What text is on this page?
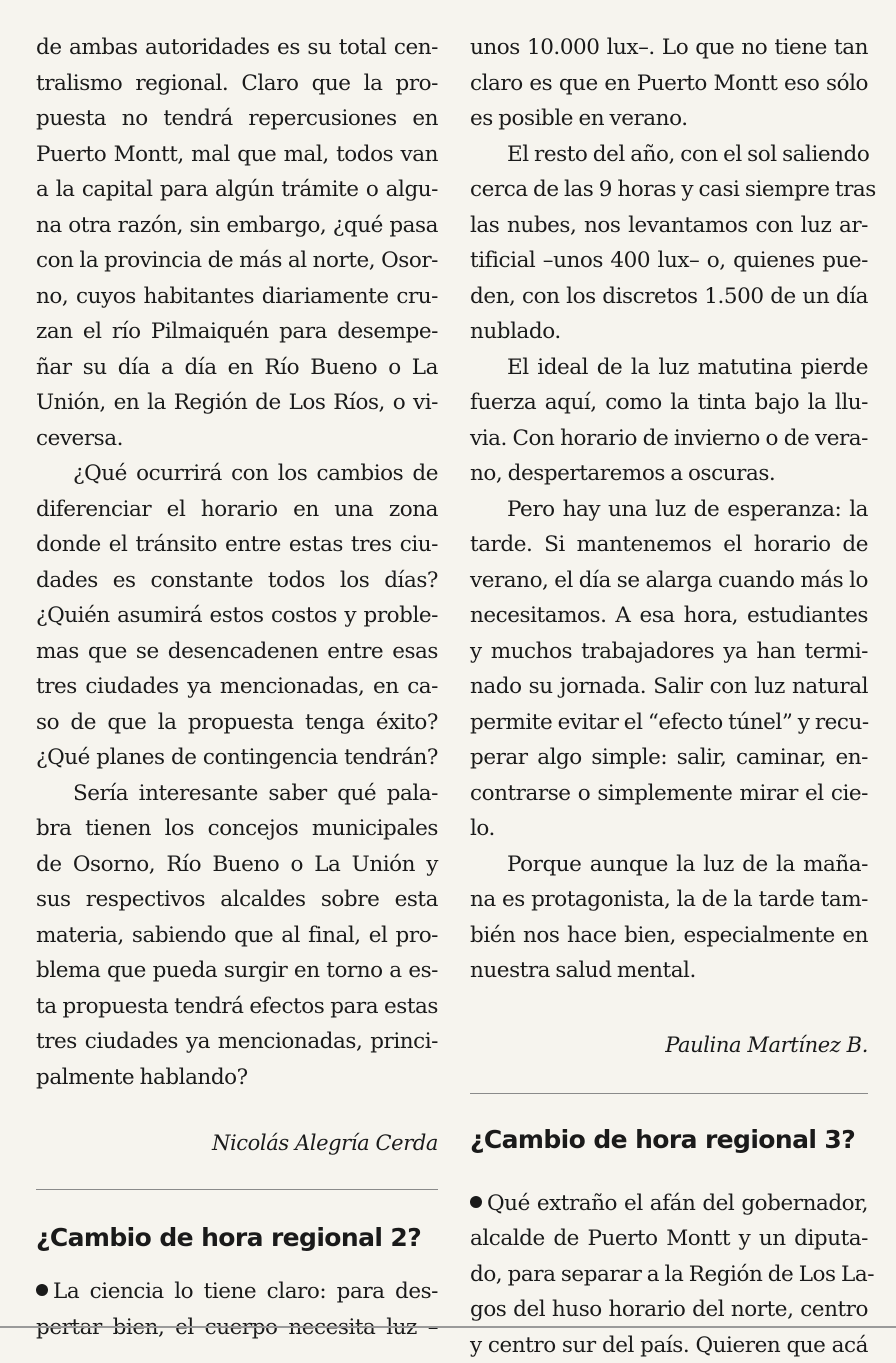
de ambas autoridades es su total cen-
tralismo regional. Claro que la pro-
puesta no tendrá repercusiones en
Puerto Montt, mal que mal, todos van
a la capital para algún trámite o algu-
na otra razón, sin embargo, ¿qué pasa
con la provincia de más al norte, Osor-
no, cuyos habitantes diariamente cru-
zan el río Pilmaiquén para desempe-
ñar su día a día en Río Bueno o La
Unión, en la Región de Los Ríos, o vi-
ceversa.
¿Qué ocurrirá con los cambios de
diferenciar el horario en una zona
donde el tránsito entre estas tres ciu-
dades es constante todos los días?
¿Quién asumirá estos costos y proble-
mas que se desencadenen entre esas
tres ciudades ya mencionadas, en ca-
so de que la propuesta tenga éxito?
¿Qué planes de contingencia tendrán?
Sería interesante saber qué pala-
bra tienen los concejos municipales
de Osorno, Río Bueno o La Unión y
sus respectivos alcaldes sobre esta
materia, sabiendo que al final, el pro-
blema que pueda surgir en torno a es-
ta propuesta tendrá efectos para estas
tres ciudades ya mencionadas, princi-
palmente hablando?
Nicolás Alegría Cerda
¿Cambio de hora regional 2?
La ciencia lo tiene claro: para des-
pertar bien, el cuerpo necesita luz –
unos 10.000 lux–. Lo que no tiene tan
claro es que en Puerto Montt eso sólo
es posible en verano.
El resto del año, con el sol saliendo
cerca de las 9 horas y casi siempre tras
las nubes, nos levantamos con luz ar-
tificial –unos 400 lux– o, quienes pue-
den, con los discretos 1.500 de un día
nublado.
El ideal de la luz matutina pierde
fuerza aquí, como la tinta bajo la llu-
via. Con horario de invierno o de vera-
no, despertaremos a oscuras.
Pero hay una luz de esperanza: la
tarde. Si mantenemos el horario de
verano, el día se alarga cuando más lo
necesitamos. A esa hora, estudiantes
y muchos trabajadores ya han termi-
nado su jornada. Salir con luz natural
permite evitar el “efecto túnel” y recu-
perar algo simple: salir, caminar, en-
contrarse o simplemente mirar el cie-
lo.
Porque aunque la luz de la maña-
na es protagonista, la de la tarde tam-
bién nos hace bien, especialmente en
nuestra salud mental.
Paulina Martínez B.
¿Cambio de hora regional 3?
Qué extraño el afán del gobernador,
alcalde de Puerto Montt y un diputa-
do, para separar a la Región de Los La-
gos del huso horario del norte, centro
y centro sur del país. Quieren que acá
